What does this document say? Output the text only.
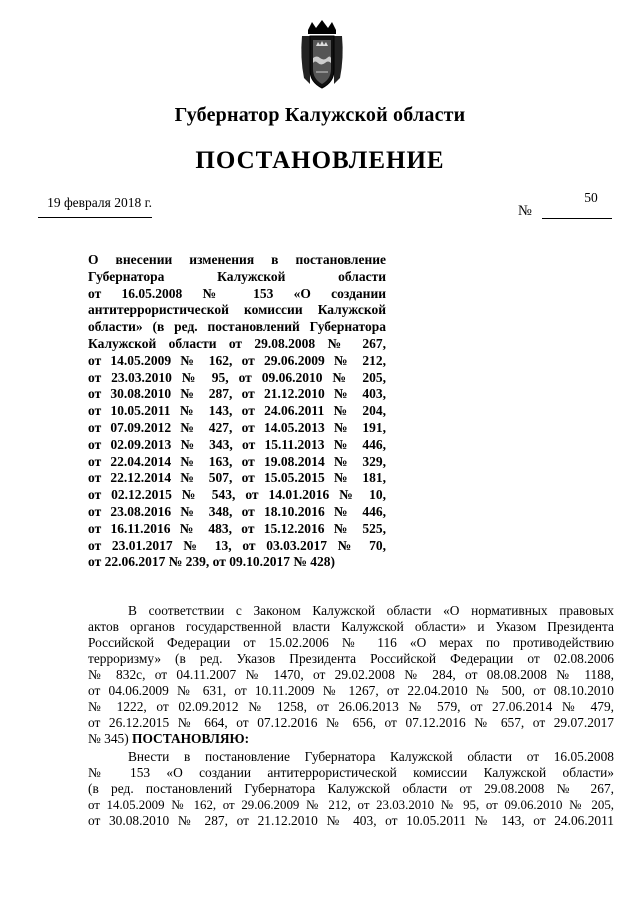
Губернатор Калужской области
ПОСТАНОВЛЕНИЕ
19 февраля 2018 г.	50
№
О внесении изменения в постановление
Губернатора Калужской области
от 16.05.2008 № 153 «О создании
антитеррористической комиссии Калужской
области» (в ред. постановлений Губернатора
Калужской области от 29.08.2008 № 267,
от 14.05.2009 № 162, от 29.06.2009 № 212,
от 23.03.2010 № 95, от 09.06.2010 № 205,
от 30.08.2010 № 287, от 21.12.2010 № 403,
от 10.05.2011 № 143, от 24.06.2011 № 204,
от 07.09.2012 № 427, от 14.05.2013 № 191,
от 02.09.2013 № 343, от 15.11.2013 № 446,
от 22.04.2014 № 163, от 19.08.2014 № 329,
от 22.12.2014 № 507, от 15.05.2015 № 181,
от 02.12.2015 № 543, от 14.01.2016 № 10,
от 23.08.2016 № 348, от 18.10.2016 № 446,
от 16.11.2016 № 483, от 15.12.2016 № 525,
от 23.01.2017 № 13, от 03.03.2017 № 70,
от 22.06.2017 № 239, от 09.10.2017 № 428)
В соответствии с Законом Калужской области «О нормативных правовых
актов органов государственной власти Калужской области» и Указом Президента
Российской Федерации от 15.02.2006 № 116 «О мерах по противодействию
терроризму» (в ред. Указов Президента Российской Федерации от 02.08.2006
№ 832с, от 04.11.2007 № 1470, от 29.02.2008 № 284, от 08.08.2008 № 1188,
от 04.06.2009 № 631, от 10.11.2009 № 1267, от 22.04.2010 № 500, от 08.10.2010
№ 1222, от 02.09.2012 № 1258, от 26.06.2013 № 579, от 27.06.2014 № 479,
от 26.12.2015 № 664, от 07.12.2016 № 656, от 07.12.2016 № 657, от 29.07.2017
№ 345) ПОСТАНОВЛЯЮ:
Внести в постановление Губернатора Калужской области от 16.05.2008
№ 153 «О создании антитеррористической комиссии Калужской области»
(в ред. постановлений Губернатора Калужской области от 29.08.2008 № 267,
от 14.05.2009 № 162, от 29.06.2009 № 212, от 23.03.2010 № 95, от 09.06.2010 № 205,
от 30.08.2010 № 287, от 21.12.2010 № 403, от 10.05.2011 № 143, от 24.06.2011
